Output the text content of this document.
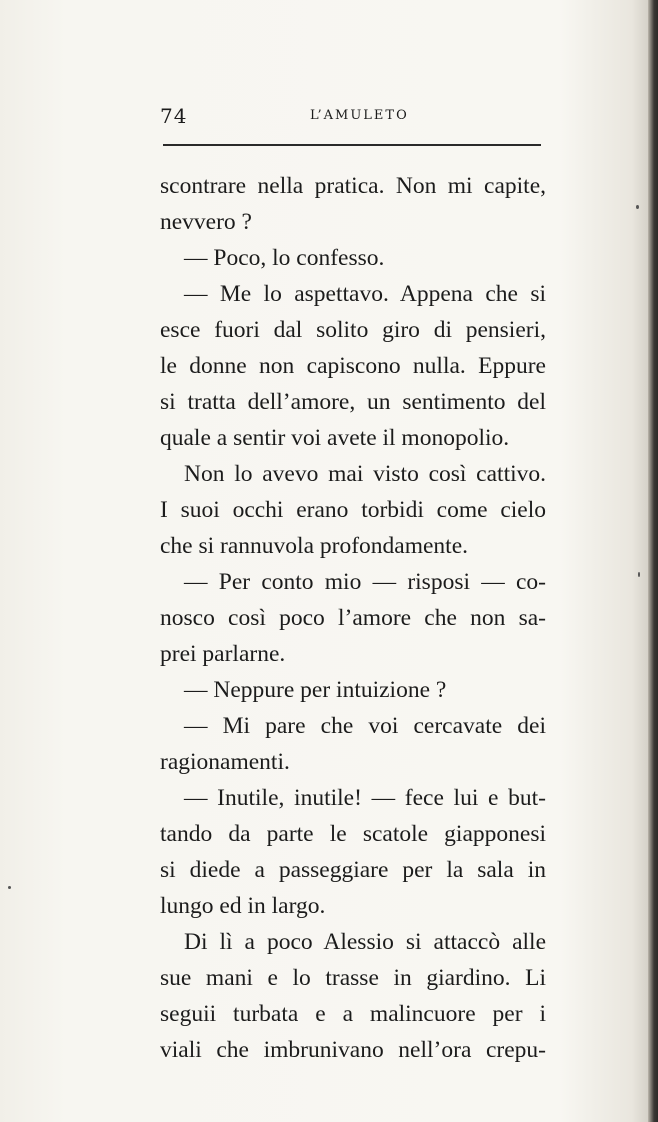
74	L’AMULETO
scontrare nella pratica. Non mi capite,
nevvero ?
— Poco, lo confesso.
— Me lo aspettavo. Appena che si
esce fuori dal solito giro di pensieri,
le donne non capiscono nulla. Eppure
si tratta dell’amore, un sentimento del
quale a sentir voi avete il monopolio.
Non lo avevo mai visto così cattivo.
I suoi occhi erano torbidi come cielo
che si rannuvola profondamente.
— Per conto mio — risposi — co-
nosco così poco l’amore che non sa-
prei parlarne.
— Neppure per intuizione ?
— Mi pare che voi cercavate dei
ragionamenti.
— Inutile, inutile! — fece lui e but-
tando da parte le scatole giapponesi
si diede a passeggiare per la sala in
lungo ed in largo.
Di lì a poco Alessio si attaccò alle
sue mani e lo trasse in giardino. Li
seguii turbata e a malincuore per i
viali che imbrunivano nell’ora crepu-
